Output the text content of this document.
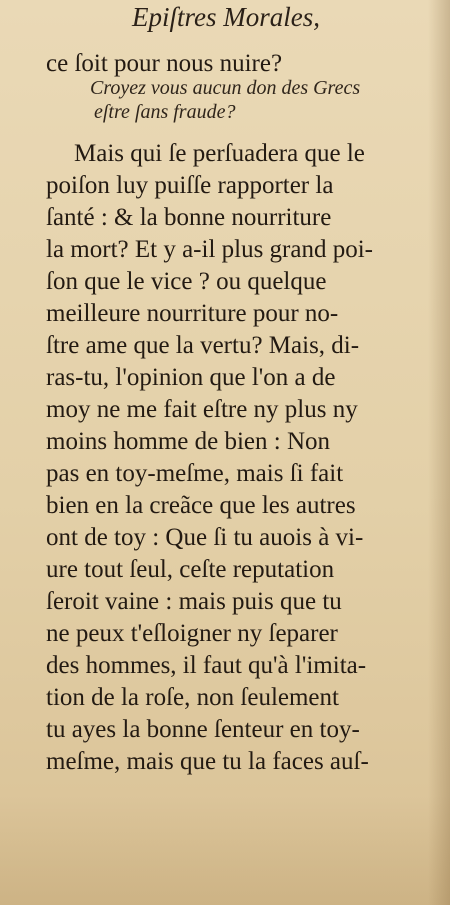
Epiſtres Morales,
ce ſoit pour nous nuire?
Croyez vous aucun don des Grecs
eſtre ſans fraude?
Mais qui ſe perſuadera que le
poiſon luy puiſſe rapporter la
ſanté : & la bonne nourriture
la mort? Et y a-il plus grand poi-
ſon que le vice ? ou quelque
meilleure nourriture pour no-
ſtre ame que la vertu? Mais, di-
ras-tu, l'opinion que l'on a de
moy ne me fait eſtre ny plus ny
moins homme de bien : Non
pas en toy-meſme, mais ſi fait
bien en la creãce que les autres
ont de toy : Que ſi tu auois à vi-
ure tout ſeul, ceſte reputation
ſeroit vaine : mais puis que tu
ne peux t'eſloigner ny ſeparer
des hommes, il faut qu'à l'imita-
tion de la roſe, non ſeulement
tu ayes la bonne ſenteur en toy-
meſme, mais que tu la faces auſ-
